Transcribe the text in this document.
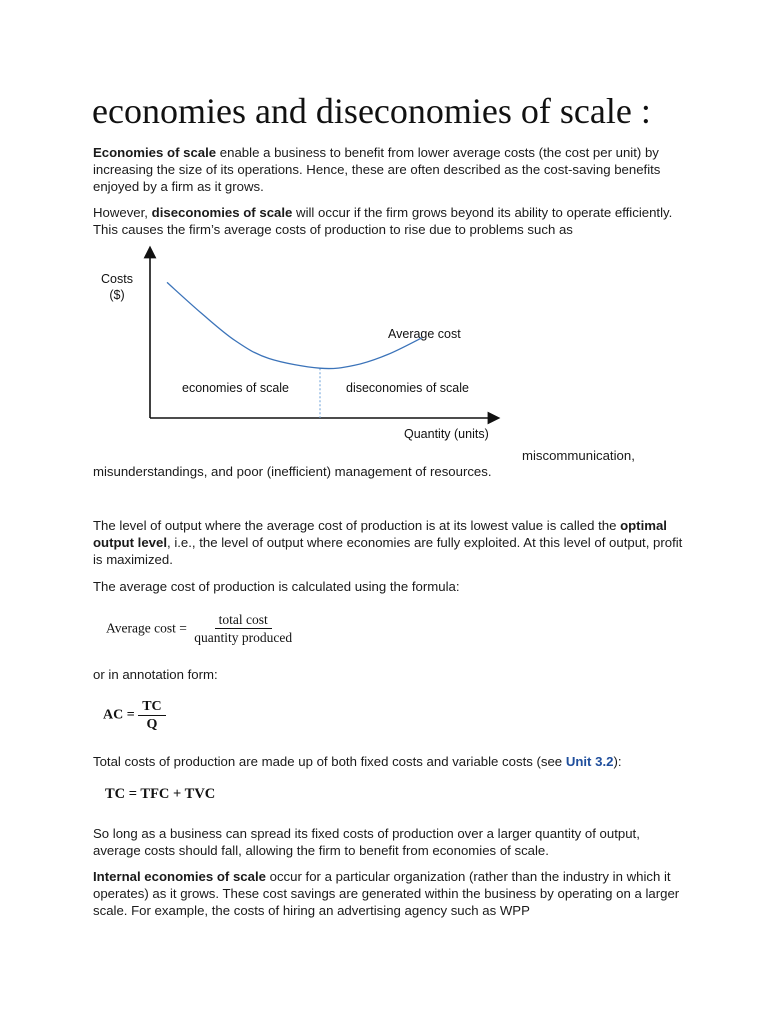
economies and diseconomies of scale :

Economies of scale enable a business to benefit from lower average costs (the cost per unit) by increasing the size of its operations. Hence, these are often described as the cost-saving benefits enjoyed by a firm as it grows.

However, diseconomies of scale will occur if the firm grows beyond its ability to operate efficiently. This causes the firm’s average costs of production to rise due to problems such as

Costs
($)
Quantity (units)
Average cost
economies of scale	diseconomies of scale

miscommunication,

misunderstandings, and poor (inefficient) management of resources.

The level of output where the average cost of production is at its lowest value is called the optimal output level, i.e., the level of output where economies are fully exploited. At this level of output, profit is maximized.

The average cost of production is calculated using the formula:

Average $\cos t = \frac{\text{total cost}}{\text{quantity produced}}$

or in annotation form:

AC = $\frac{TC}{Q}$

Total costs of production are made up of both fixed costs and variable costs (see Unit 3.2):

TC = TFC + TVC

So long as a business can spread its fixed costs of production over a larger quantity of output, average costs should fall, allowing the firm to benefit from economies of scale.

Internal economies of scale occur for a particular organization (rather than the industry in which it operates) as it grows. These cost savings are generated within the business by operating on a larger scale. For example, the costs of hiring an advertising agency such as WPP
